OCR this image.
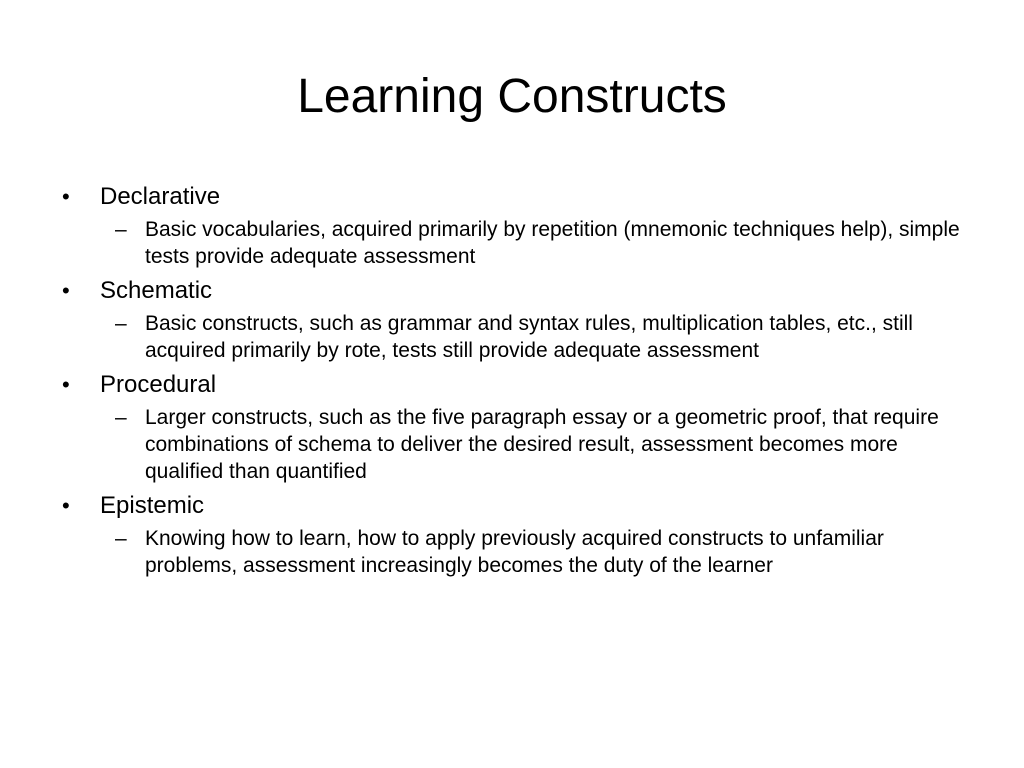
Learning Constructs
• Declarative
– Basic vocabularies, acquired primarily by repetition (mnemonic techniques help), simple tests provide adequate assessment
• Schematic
– Basic constructs, such as grammar and syntax rules, multiplication tables, etc., still acquired primarily by rote, tests still provide adequate assessment
• Procedural
– Larger constructs, such as the five paragraph essay or a geometric proof, that require combinations of schema to deliver the desired result, assessment becomes more qualified than quantified
• Epistemic
– Knowing how to learn, how to apply previously acquired constructs to unfamiliar problems, assessment increasingly becomes the duty of the learner
